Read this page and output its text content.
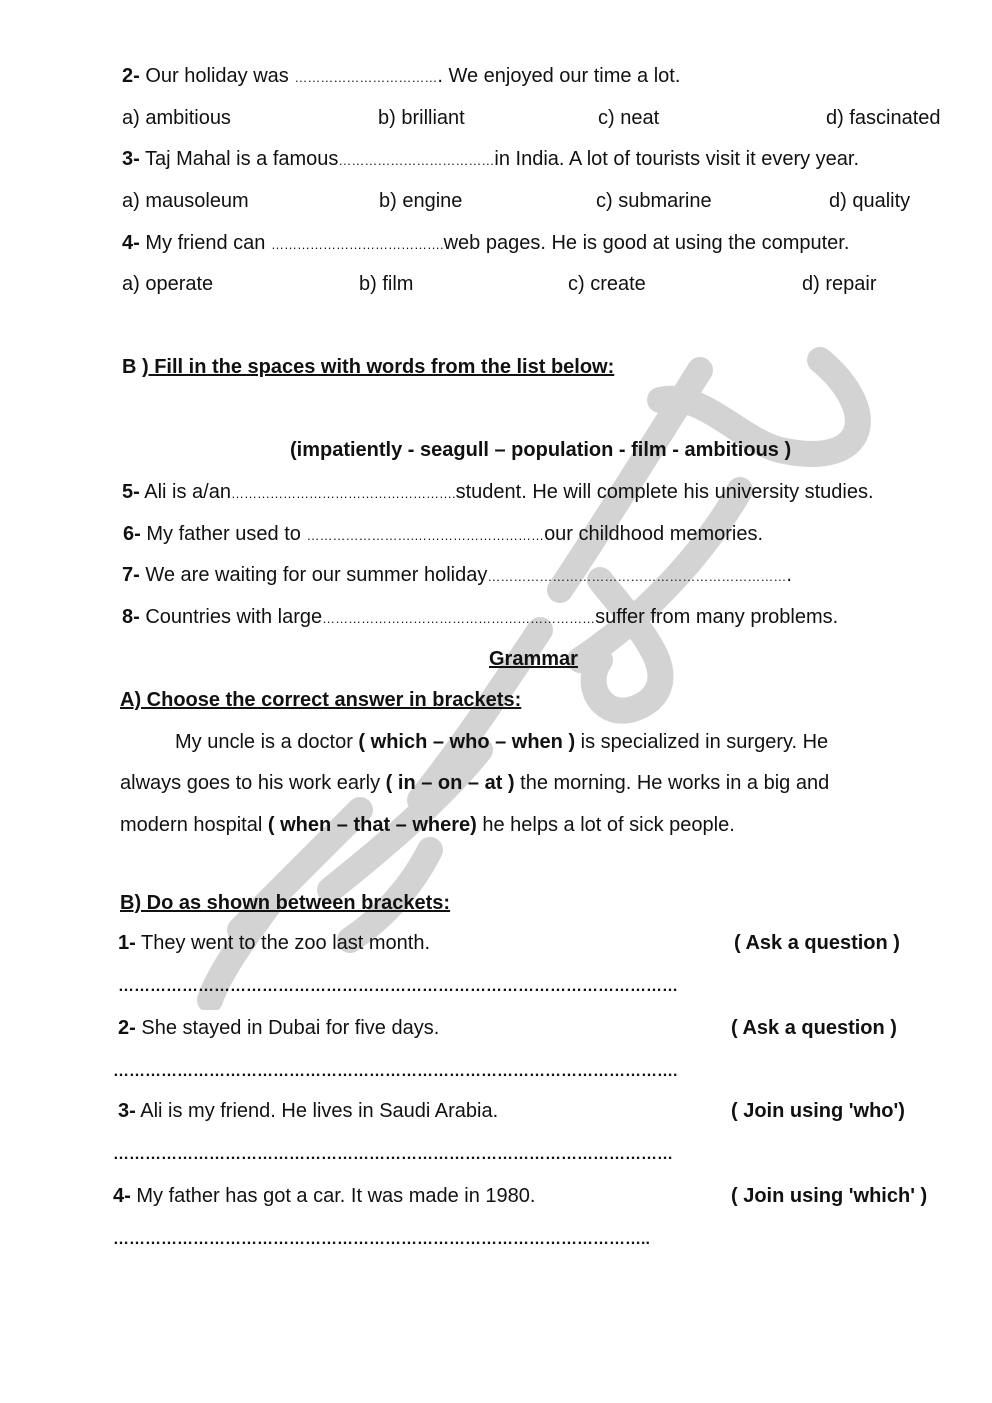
2- Our holiday was ……………………………. We enjoyed our time a lot.
a) ambitious	b) brilliant	c) neat	d) fascinated
3- Taj Mahal is a famous………………………………in India. A lot of tourists visit it every year.
a) mausoleum	b) engine	c) submarine	d) quality
4- My friend can ………………………………….web pages. He is good at using the computer.
a) operate	b) film	c) create	d) repair
B ) Fill in the spaces with words from the list below:
(impatiently - seagull – population - film - ambitious )
5- Ali is a/an…………………………………………….student. He will complete his university studies.
6- My father used to …………………….…………………………our childhood memories.
7- We are waiting for our summer holiday…………………………………………………………….
8- Countries with large………………………………………………………suffer from many problems.
Grammar
A) Choose the correct answer in brackets:
My uncle is a doctor ( which – who – when ) is specialized in surgery. He
always goes to his work early ( in – on – at ) the morning. He works in a big and
modern hospital ( when – that – where) he helps a lot of sick people.
B) Do as shown between brackets:
1- They went to the zoo last month.	( Ask a question )
……………………………………………………………………………………………
2- She stayed in Dubai for five days.	( Ask a question )
…………………………………………………………………………………………….
3- Ali is my friend. He lives in Saudi Arabia.	( Join using 'who')
……………………………………………………………………………………………
4- My father has got a car. It was made in 1980.	( Join using 'which' )
………………………………………………………………………………………..
